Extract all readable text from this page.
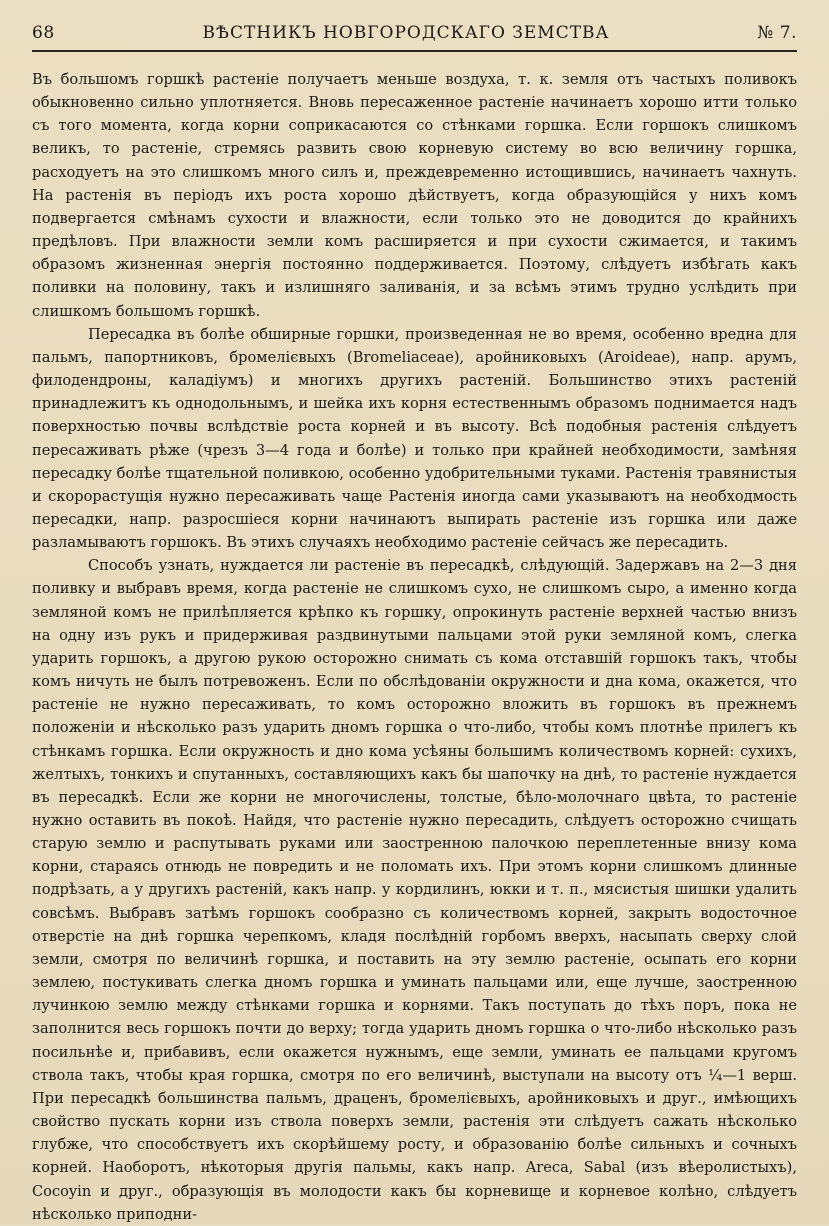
68	ВѢСТНИКЪ НОВГОРОДСКАГО ЗЕМСТВА	№ 7.

Въ большомъ горшкѣ растеніе получаетъ меньше воздуха, т. к. земля отъ частыхъ поливокъ обыкновенно сильно уплотняется. Вновь пересаженное растеніе начинаетъ хорошо итти только съ того момента, когда корни соприкасаются со стѣнками горшка. Если горшокъ слишкомъ великъ, то растеніе, стремясь развить свою корневую систему во всю величину горшка, расходуетъ на это слишкомъ много силъ и, преждевременно истощившись, начинаетъ чахнуть. На растенія въ періодъ ихъ роста хорошо дѣйствуетъ, когда образующійся у нихъ комъ подвергается смѣнамъ сухости и влажности, если только это не доводится до крайнихъ предѣловъ. При влажности земли комъ расширяется и при сухости сжимается, и такимъ образомъ жизненная энергія постоянно поддерживается. Поэтому, слѣдуетъ избѣгать какъ поливки на половину, такъ и излишняго заливанія, и за всѣмъ этимъ трудно услѣдить при слишкомъ большомъ горшкѣ.

Пересадка въ болѣе обширные горшки, произведенная не во время, особенно вредна для пальмъ, папортниковъ, бромелієвыхъ (Bromeliaceae), аройниковыхъ (Aroideae), напр. арумъ, филодендроны, каладіумъ) и многихъ другихъ растеній. Большинство этихъ растеній принадлежитъ къ однодольнымъ, и шейка ихъ корня естественнымъ образомъ поднимается надъ поверхностью почвы вслѣдствіе роста корней и въ высоту. Всѣ подобныя растенія слѣдуетъ пересаживать рѣже (чрезъ 3—4 года и болѣе) и только при крайней необходимости, замѣняя пересадку болѣе тщательной поливкою, особенно удобрительными туками. Растенія травянистыя и скорорастущія нужно пересаживать чаще Растенія иногда сами указываютъ на необходмость пересадки, напр. разросшіеся корни начинаютъ выпирать растеніе изъ горшка или даже разламываютъ горшокъ. Въ этихъ случаяхъ необходимо растеніе сейчасъ же пересадить.

Способъ узнать, нуждается ли растеніе въ пересадкѣ, слѣдующій. Задержавъ на 2—3 дня поливку и выбравъ время, когда растеніе не слишкомъ сухо, не слишкомъ сыро, а именно когда земляной комъ не прилѣпляется крѣпко къ горшку, опрокинуть растеніе верхней частью внизъ на одну изъ рукъ и придерживая раздвинутыми пальцами этой руки земляной комъ, слегка ударить горшокъ, а другою рукою осторожно снимать съ кома отставшій горшокъ такъ, чтобы комъ ничуть не былъ потревоженъ. Если по обслѣдованіи окружности и дна кома, окажется, что растеніе не нужно пересаживать, то комъ осторожно вложить въ горшокъ въ прежнемъ положеніи и нѣсколько разъ ударить дномъ горшка о что-либо, чтобы комъ плотнѣе прилегъ къ стѣнкамъ горшка. Если окружность и дно кома усѣяны большимъ количествомъ корней: сухихъ, желтыхъ, тонкихъ и спутанныхъ, составляющихъ какъ бы шапочку на днѣ, то растеніе нуждается въ пересадкѣ. Если же корни не многочислены, толстые, бѣло-молочнаго цвѣта, то растеніе нужно оставить въ покоѣ. Найдя, что растеніе нужно пересадить, слѣдуетъ осторожно счищать старую землю и распутывать руками или заостренною палочкою переплетенные внизу кома корни, стараясь отнюдь не повредить и не поломать ихъ. При этомъ корни слишкомъ длинные подрѣзать, а у другихъ растеній, какъ напр. у кордилинъ, юкки и т. п., мясистыя шишки удалить совсѣмъ. Выбравъ затѣмъ горшокъ сообразно съ количествомъ корней, закрыть водосточное отверстіе на днѣ горшка черепкомъ, кладя послѣдній горбомъ вверхъ, насыпать сверху слой земли, смотря по величинѣ горшка, и поставить на эту землю растеніе, осыпать его корни землею, постукивать слегка дномъ горшка и уминать пальцами или, еще лучше, заостренною лучинкою землю между стѣнками горшка и корнями. Такъ поступать до тѣхъ поръ, пока не заполнится весь горшокъ почти до верху; тогда ударить дномъ горшка о что-либо нѣсколько разъ посильнѣе и, прибавивъ, если окажется нужнымъ, еще земли, уминать ее пальцами кругомъ ствола такъ, чтобы края горшка, смотря по его величинѣ, выступали на высоту отъ ¼—1 верш. При пересадкѣ большинства пальмъ, драценъ, бромелієвыхъ, аройниковыхъ и друг., имѣющихъ свойство пускать корни изъ ствола поверхъ земли, растенія эти слѣдуетъ сажать нѣсколько глубже, что способствуетъ ихъ скорѣйшему росту, и образованію болѣе сильныхъ и сочныхъ корней. Наоборотъ, нѣкоторыя другія пальмы, какъ напр. Areca, Sabal (изъ вѣеролистыхъ), Cocoyin и друг., образующія въ молодости какъ бы корневище и корневое колѣно, слѣдуетъ нѣсколько приподни-
